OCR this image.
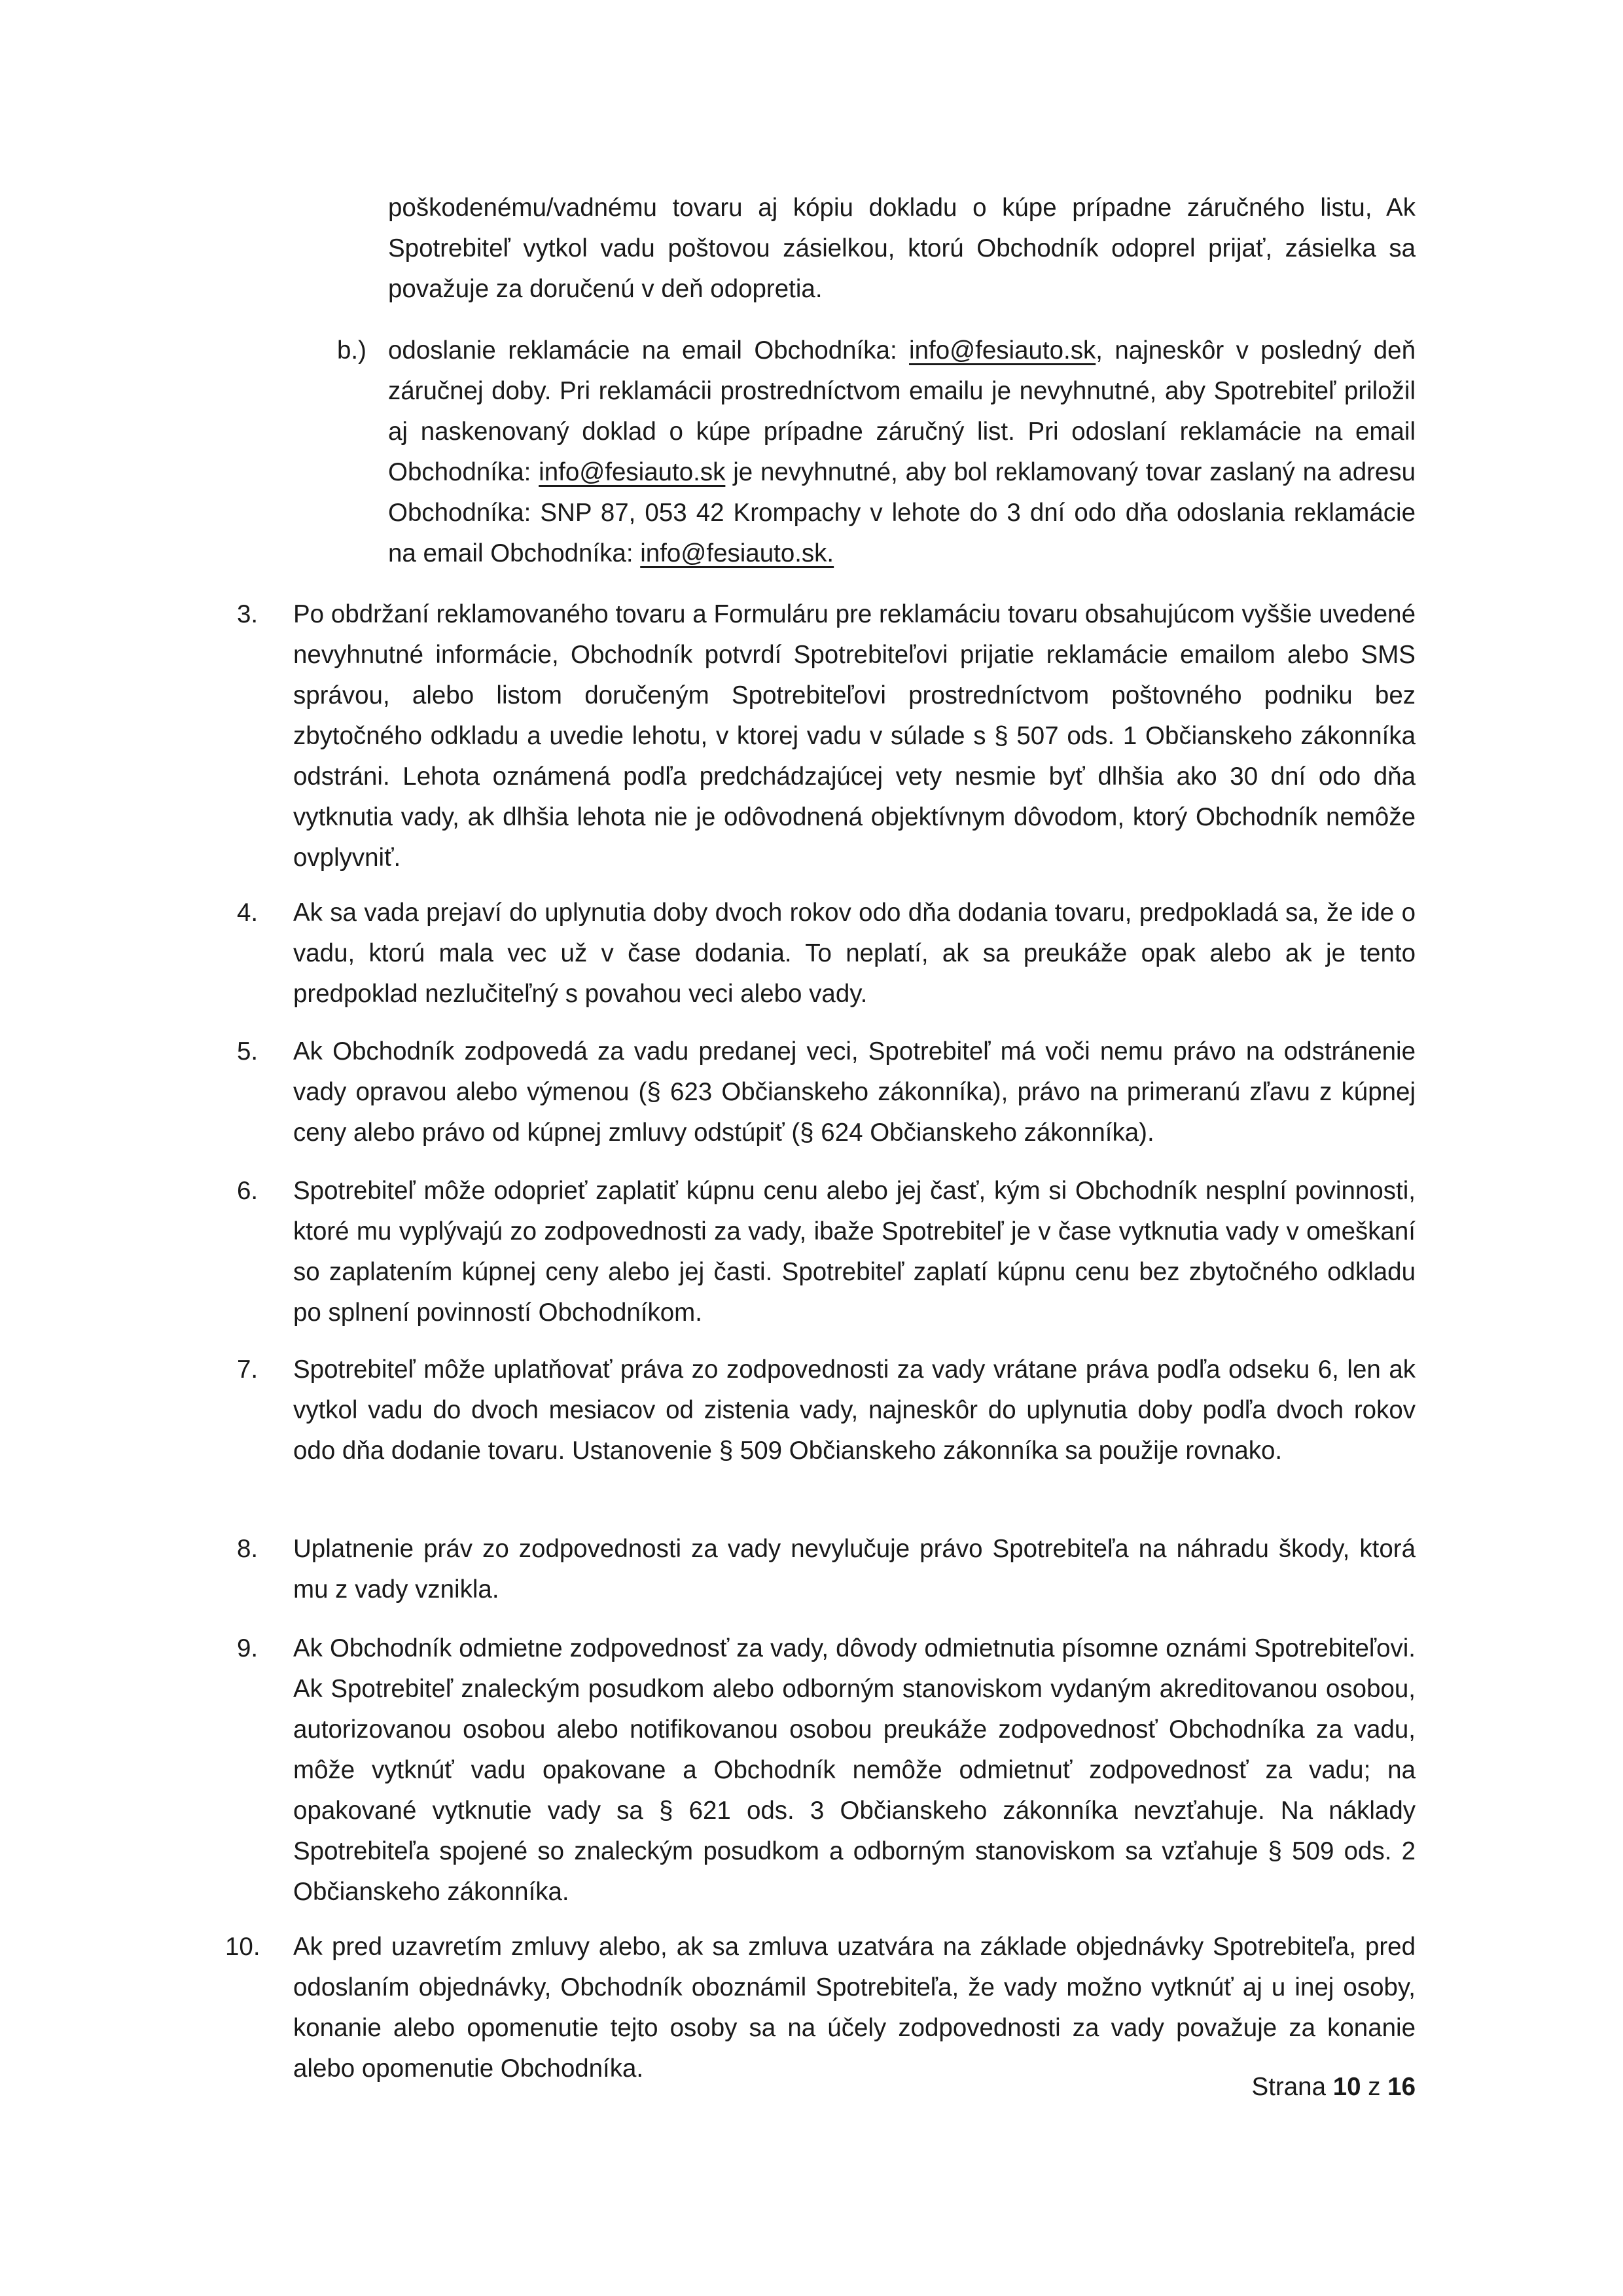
poškodenému/vadnému tovaru aj kópiu dokladu o kúpe prípadne záručného listu, Ak Spotrebiteľ vytkol vadu poštovou zásielkou, ktorú Obchodník odoprel prijať, zásielka sa považuje za doručenú v deň odopretia.
b.) odoslanie reklamácie na email Obchodníka: info@fesiauto.sk, najneskôr v posledný deň záručnej doby. Pri reklamácii prostredníctvom emailu je nevyhnutné, aby Spotrebiteľ priložil aj naskenovaný doklad o kúpe prípadne záručný list. Pri odoslaní reklamácie na email Obchodníka: info@fesiauto.sk je nevyhnutné, aby bol reklamovaný tovar zaslaný na adresu Obchodníka: SNP 87, 053 42 Krompachy v lehote do 3 dní odo dňa odoslania reklamácie na email Obchodníka: info@fesiauto.sk.
3. Po obdržaní reklamovaného tovaru a Formuláru pre reklamáciu tovaru obsahujúcom vyššie uvedené nevyhnutné informácie, Obchodník potvrdí Spotrebiteľovi prijatie reklamácie emailom alebo SMS správou, alebo listom doručeným Spotrebiteľovi prostredníctvom poštovného podniku bez zbytočného odkladu a uvedie lehotu, v ktorej vadu v súlade s § 507 ods. 1 Občianskeho zákonníka odstráni. Lehota oznámená podľa predchádzajúcej vety nesmie byť dlhšia ako 30 dní odo dňa vytknutia vady, ak dlhšia lehota nie je odôvodnená objektívnym dôvodom, ktorý Obchodník nemôže ovplyvniť.
4. Ak sa vada prejaví do uplynutia doby dvoch rokov odo dňa dodania tovaru, predpokladá sa, že ide o vadu, ktorú mala vec už v čase dodania. To neplatí, ak sa preukáže opak alebo ak je tento predpoklad nezlučiteľný s povahou veci alebo vady.
5. Ak Obchodník zodpovedá za vadu predanej veci, Spotrebiteľ má voči nemu právo na odstránenie vady opravou alebo výmenou (§ 623 Občianskeho zákonníka), právo na primeranú zľavu z kúpnej ceny alebo právo od kúpnej zmluvy odstúpiť (§ 624 Občianskeho zákonníka).
6. Spotrebiteľ môže odoprieť zaplatiť kúpnu cenu alebo jej časť, kým si Obchodník nesplní povinnosti, ktoré mu vyplývajú zo zodpovednosti za vady, ibaže Spotrebiteľ je v čase vytknutia vady v omeškaní so zaplatením kúpnej ceny alebo jej časti. Spotrebiteľ zaplatí kúpnu cenu bez zbytočného odkladu po splnení povinností Obchodníkom.
7. Spotrebiteľ môže uplatňovať práva zo zodpovednosti za vady vrátane práva podľa odseku 6, len ak vytkol vadu do dvoch mesiacov od zistenia vady, najneskôr do uplynutia doby podľa dvoch rokov odo dňa dodanie tovaru. Ustanovenie § 509 Občianskeho zákonníka sa použije rovnako.
8. Uplatnenie práv zo zodpovednosti za vady nevylučuje právo Spotrebiteľa na náhradu škody, ktorá mu z vady vznikla.
9. Ak Obchodník odmietne zodpovednosť za vady, dôvody odmietnutia písomne oznámi Spotrebiteľovi. Ak Spotrebiteľ znaleckým posudkom alebo odborným stanoviskom vydaným akreditovanou osobou, autorizovanou osobou alebo notifikovanou osobou preukáže zodpovednosť Obchodníka za vadu, môže vytknúť vadu opakovane a Obchodník nemôže odmietnuť zodpovednosť za vadu; na opakované vytknutie vady sa § 621 ods. 3 Občianskeho zákonníka nevzťahuje. Na náklady Spotrebiteľa spojené so znaleckým posudkom a odborným stanoviskom sa vzťahuje § 509 ods. 2 Občianskeho zákonníka.
10. Ak pred uzavretím zmluvy alebo, ak sa zmluva uzatvára na základe objednávky Spotrebiteľa, pred odoslaním objednávky, Obchodník oboznámil Spotrebiteľa, že vady možno vytknúť aj u inej osoby, konanie alebo opomenutie tejto osoby sa na účely zodpovednosti za vady považuje za konanie alebo opomenutie Obchodníka.
Strana 10 z 16
